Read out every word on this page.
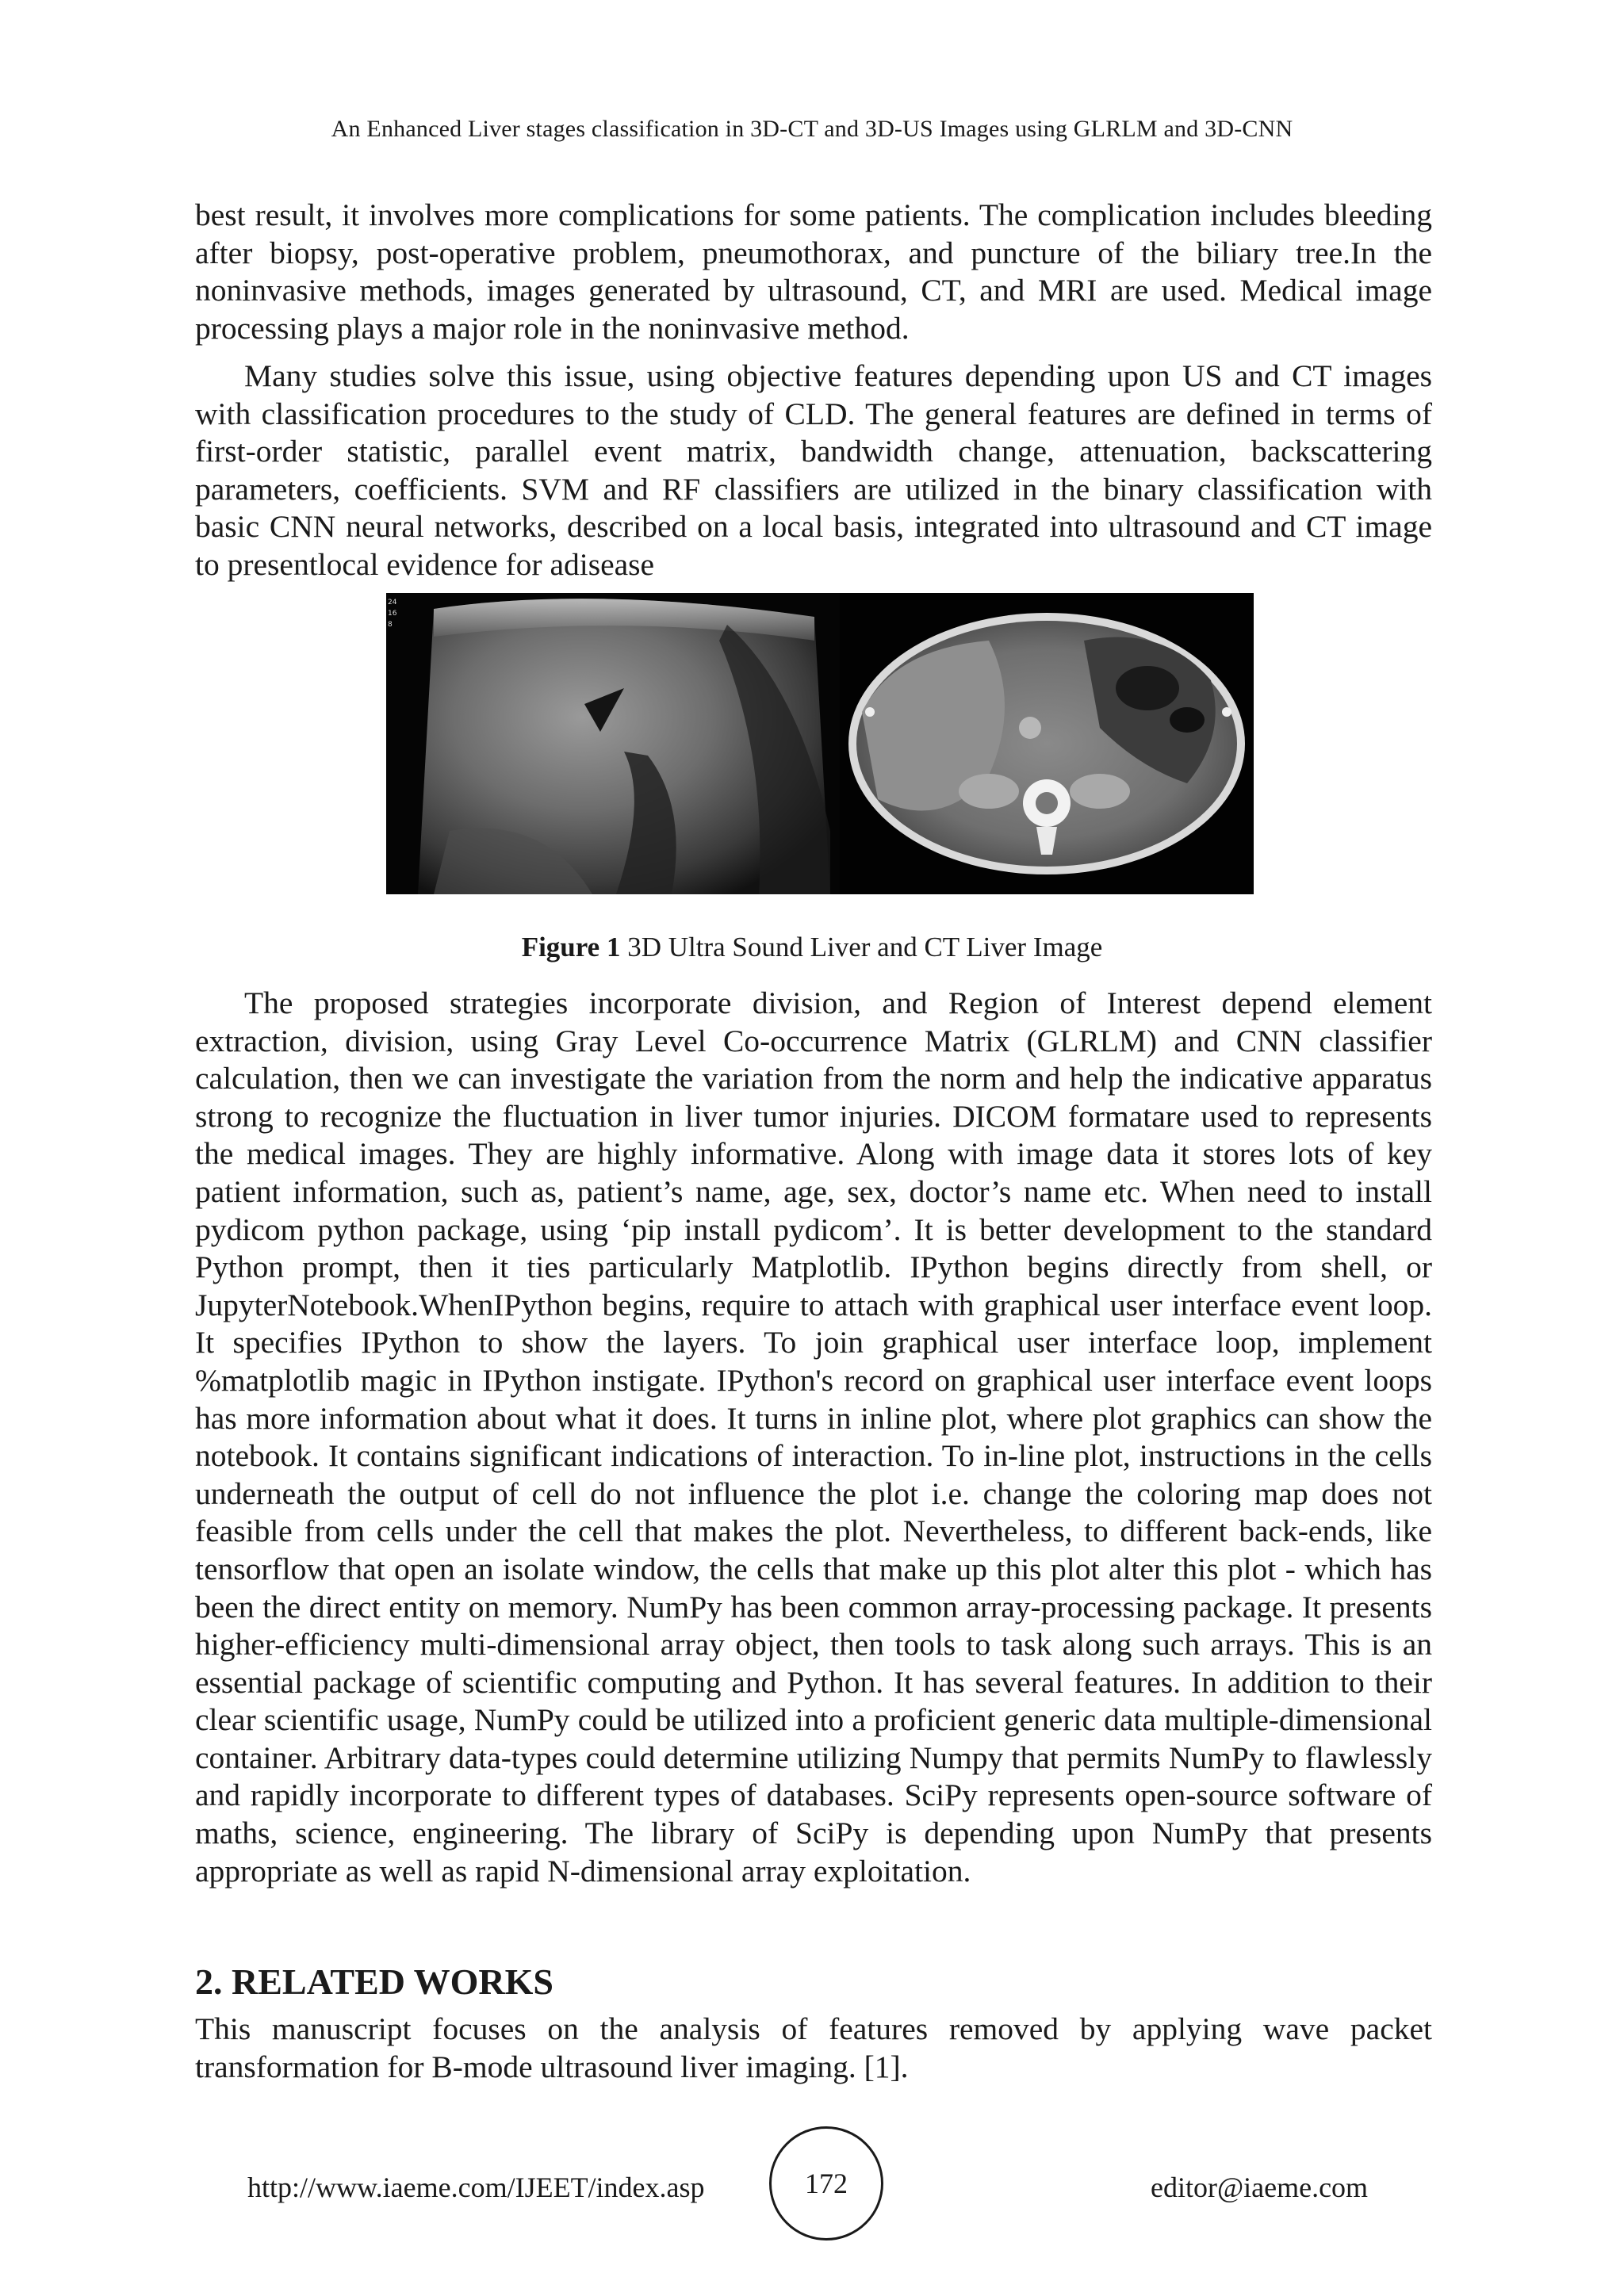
An Enhanced Liver stages classification in 3D-CT and 3D-US Images using GLRLM and 3D-CNN

best result, it involves more complications for some patients. The complication includes bleeding after biopsy, post-operative problem, pneumothorax, and puncture of the biliary tree.In the noninvasive methods, images generated by ultrasound, CT, and MRI are used. Medical image processing plays a major role in the noninvasive method.

Many studies solve this issue, using objective features depending upon US and CT images with classification procedures to the study of CLD. The general features are defined in terms of first-order statistic, parallel event matrix, bandwidth change, attenuation, backscattering parameters, coefficients. SVM and RF classifiers are utilized in the binary classification with basic CNN neural networks, described on a local basis, integrated into ultrasound and CT image to presentlocal evidence for adisease

24
16
8
Figure 1 3D Ultra Sound Liver and CT Liver Image

The proposed strategies incorporate division, and Region of Interest depend element extraction, division, using Gray Level Co-occurrence Matrix (GLRLM) and CNN classifier calculation, then we can investigate the variation from the norm and help the indicative apparatus strong to recognize the fluctuation in liver tumor injuries. DICOM formatare used to represents the medical images. They are highly informative. Along with image data it stores lots of key patient information, such as, patient’s name, age, sex, doctor’s name etc. When need to install pydicom python package, using ‘pip install pydicom’. It is better development to the standard Python prompt, then it ties particularly Matplotlib. IPython begins directly from shell, or JupyterNotebook.WhenIPython begins, require to attach with graphical user interface event loop. It specifies IPython to show the layers. To join graphical user interface loop, implement %matplotlib magic in IPython instigate. IPython's record on graphical user interface event loops has more information about what it does. It turns in inline plot, where plot graphics can show the notebook. It contains significant indications of interaction. To in-line plot, instructions in the cells underneath the output of cell do not influence the plot i.e. change the coloring map does not feasible from cells under the cell that makes the plot. Nevertheless, to different back-ends, like tensorflow that open an isolate window, the cells that make up this plot alter this plot - which has been the direct entity on memory. NumPy has been common array-processing package. It presents higher-efficiency multi-dimensional array object, then tools to task along such arrays. This is an essential package of scientific computing and Python. It has several features. In addition to their clear scientific usage, NumPy could be utilized into a proficient generic data multiple-dimensional container. Arbitrary data-types could determine utilizing Numpy that permits NumPy to flawlessly and rapidly incorporate to different types of databases. SciPy represents open-source software of maths, science, engineering. The library of SciPy is depending upon NumPy that presents appropriate as well as rapid N-dimensional array exploitation.

2. RELATED WORKS

This manuscript focuses on the analysis of features removed by applying wave packet transformation for B-mode ultrasound liver imaging. [1].

http://www.iaeme.com/IJEET/index.asp	172	editor@iaeme.com
